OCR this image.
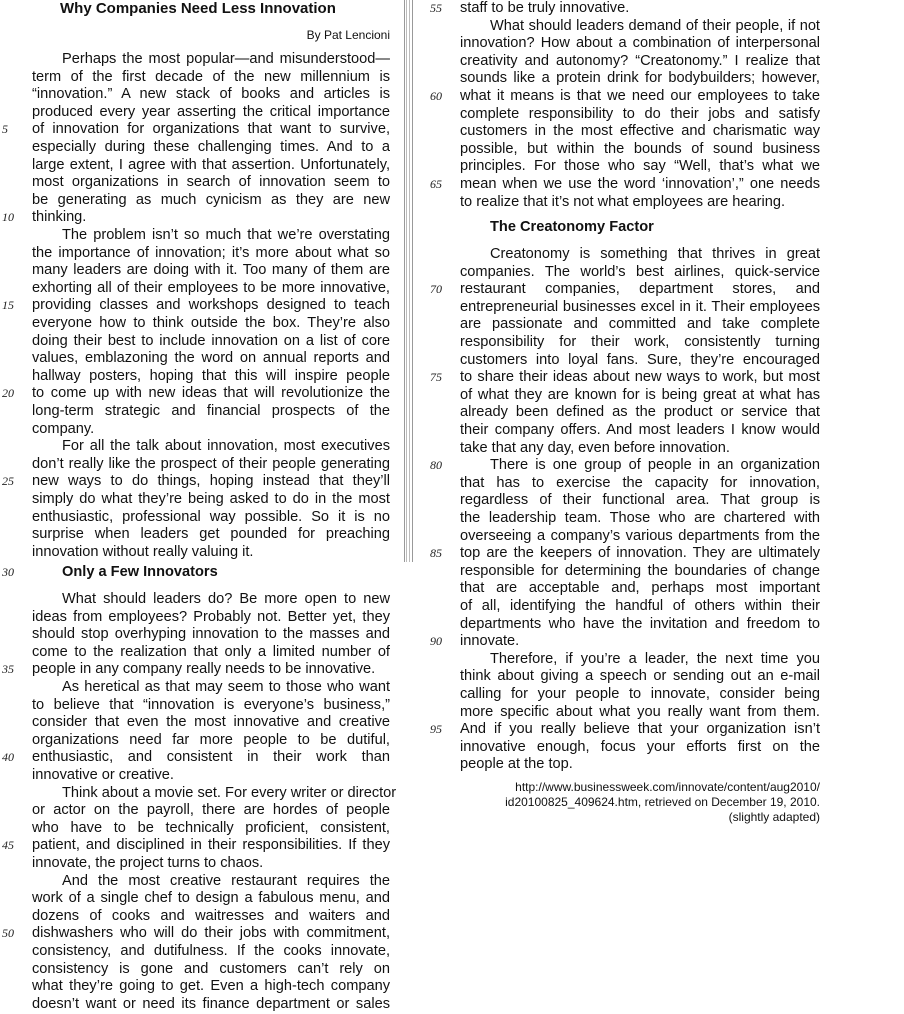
Why Companies Need Less Innovation
By Pat Lencioni
Perhaps the most popular—and misunderstood—
term of the first decade of the new millennium is
“innovation.” A new stack of books and articles is
produced every year asserting the critical importance
of innovation for organizations that want to survive,
especially during these challenging times. And to a
large extent, I agree with that assertion. Unfortunately,
most organizations in search of innovation seem to
be generating as much cynicism as they are new
thinking.
The problem isn’t so much that we’re overstating
the importance of innovation; it’s more about what so
many leaders are doing with it. Too many of them are
exhorting all of their employees to be more innovative,
providing classes and workshops designed to teach
everyone how to think outside the box. They’re also
doing their best to include innovation on a list of core
values, emblazoning the word on annual reports and
hallway posters, hoping that this will inspire people
to come up with new ideas that will revolutionize the
long-term strategic and financial prospects of the
company.
For all the talk about innovation, most executives
don’t really like the prospect of their people generating
new ways to do things, hoping instead that they’ll
simply do what they’re being asked to do in the most
enthusiastic, professional way possible. So it is no
surprise when leaders get pounded for preaching
innovation without really valuing it.
Only a Few Innovators
What should leaders do? Be more open to new
ideas from employees? Probably not. Better yet, they
should stop overhyping innovation to the masses and
come to the realization that only a limited number of
people in any company really needs to be innovative.
As heretical as that may seem to those who want
to believe that “innovation is everyone’s business,”
consider that even the most innovative and creative
organizations need far more people to be dutiful,
enthusiastic, and consistent in their work than
innovative or creative.
Think about a movie set. For every writer or director
or actor on the payroll, there are hordes of people
who have to be technically proficient, consistent,
patient, and disciplined in their responsibilities. If they
innovate, the project turns to chaos.
And the most creative restaurant requires the
work of a single chef to design a fabulous menu, and
dozens of cooks and waitresses and waiters and
dishwashers who will do their jobs with commitment,
consistency, and dutifulness. If the cooks innovate,
consistency is gone and customers can’t rely on
what they’re going to get. Even a high-tech company
doesn’t want or need its finance department or sales
5
10
15
20
25
30
35
40
45
50
staff to be truly innovative.
What should leaders demand of their people, if not
innovation? How about a combination of interpersonal
creativity and autonomy? “Creatonomy.” I realize that
sounds like a protein drink for bodybuilders; however,
what it means is that we need our employees to take
complete responsibility to do their jobs and satisfy
customers in the most effective and charismatic way
possible, but within the bounds of sound business
principles. For those who say “Well, that’s what we
mean when we use the word ‘innovation’,” one needs
to realize that it’s not what employees are hearing.
The Creatonomy Factor
Creatonomy is something that thrives in great
companies. The world’s best airlines, quick-service
restaurant companies, department stores, and
entrepreneurial businesses excel in it. Their employees
are passionate and committed and take complete
responsibility for their work, consistently turning
customers into loyal fans. Sure, they’re encouraged
to share their ideas about new ways to work, but most
of what they are known for is being great at what has
already been defined as the product or service that
their company offers. And most leaders I know would
take that any day, even before innovation.
There is one group of people in an organization
that has to exercise the capacity for innovation,
regardless of their functional area. That group is
the leadership team. Those who are chartered with
overseeing a company’s various departments from the
top are the keepers of innovation. They are ultimately
responsible for determining the boundaries of change
that are acceptable and, perhaps most important
of all, identifying the handful of others within their
departments who have the invitation and freedom to
innovate.
Therefore, if you’re a leader, the next time you
think about giving a speech or sending out an e-mail
calling for your people to innovate, consider being
more specific about what you really want from them.
And if you really believe that your organization isn’t
innovative enough, focus your efforts first on the
people at the top.
http://www.businessweek.com/innovate/content/aug2010/
id20100825_409624.htm, retrieved on December 19, 2010.
(slightly adapted)
55
60
65
70
75
80
85
90
95
